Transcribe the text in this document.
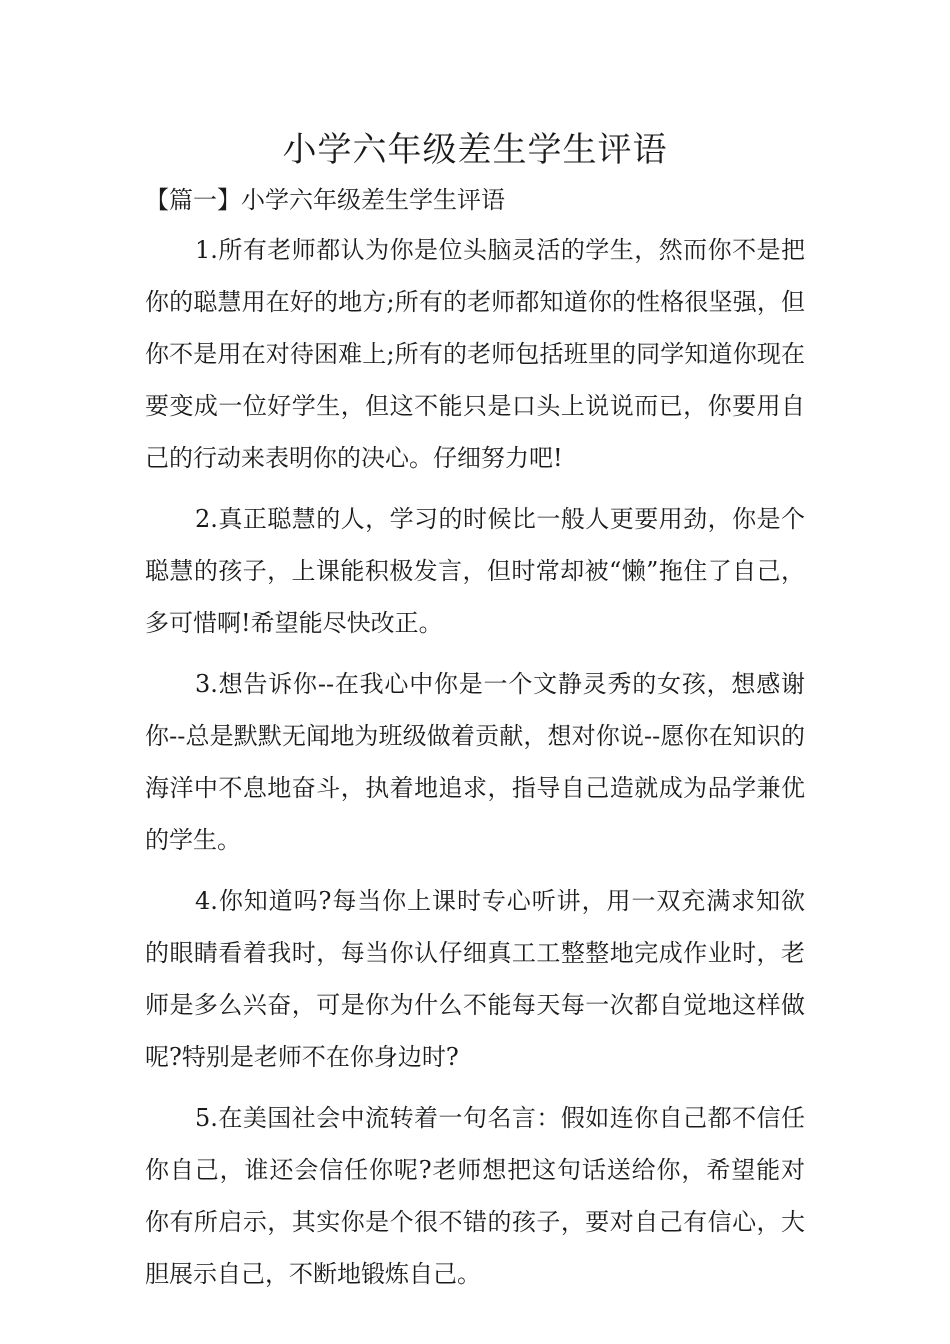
小学六年级差生学生评语
【篇一】小学六年级差生学生评语

1.所有老师都认为你是位头脑灵活的学生，然而你不是把你的聪慧用在好的地方;所有的老师都知道你的性格很坚强，但你不是用在对待困难上;所有的老师包括班里的同学知道你现在要变成一位好学生，但这不能只是口头上说说而已，你要用自己的行动来表明你的决心。仔细努力吧!

2.真正聪慧的人，学习的时候比一般人更要用劲，你是个聪慧的孩子，上课能积极发言，但时常却被“懒”拖住了自己，多可惜啊!希望能尽快改正。

3.想告诉你--在我心中你是一个文静灵秀的女孩，想感谢你--总是默默无闻地为班级做着贡献，想对你说--愿你在知识的海洋中不息地奋斗，执着地追求，指导自己造就成为品学兼优的学生。

4.你知道吗?每当你上课时专心听讲，用一双充满求知欲的眼睛看着我时，每当你认仔细真工工整整地完成作业时，老师是多么兴奋，可是你为什么不能每天每一次都自觉地这样做呢?特别是老师不在你身边时?

5.在美国社会中流转着一句名言：假如连你自己都不信任你自己，谁还会信任你呢?老师想把这句话送给你，希望能对你有所启示，其实你是个很不错的孩子，要对自己有信心，大胆展示自己，不断地锻炼自己。
